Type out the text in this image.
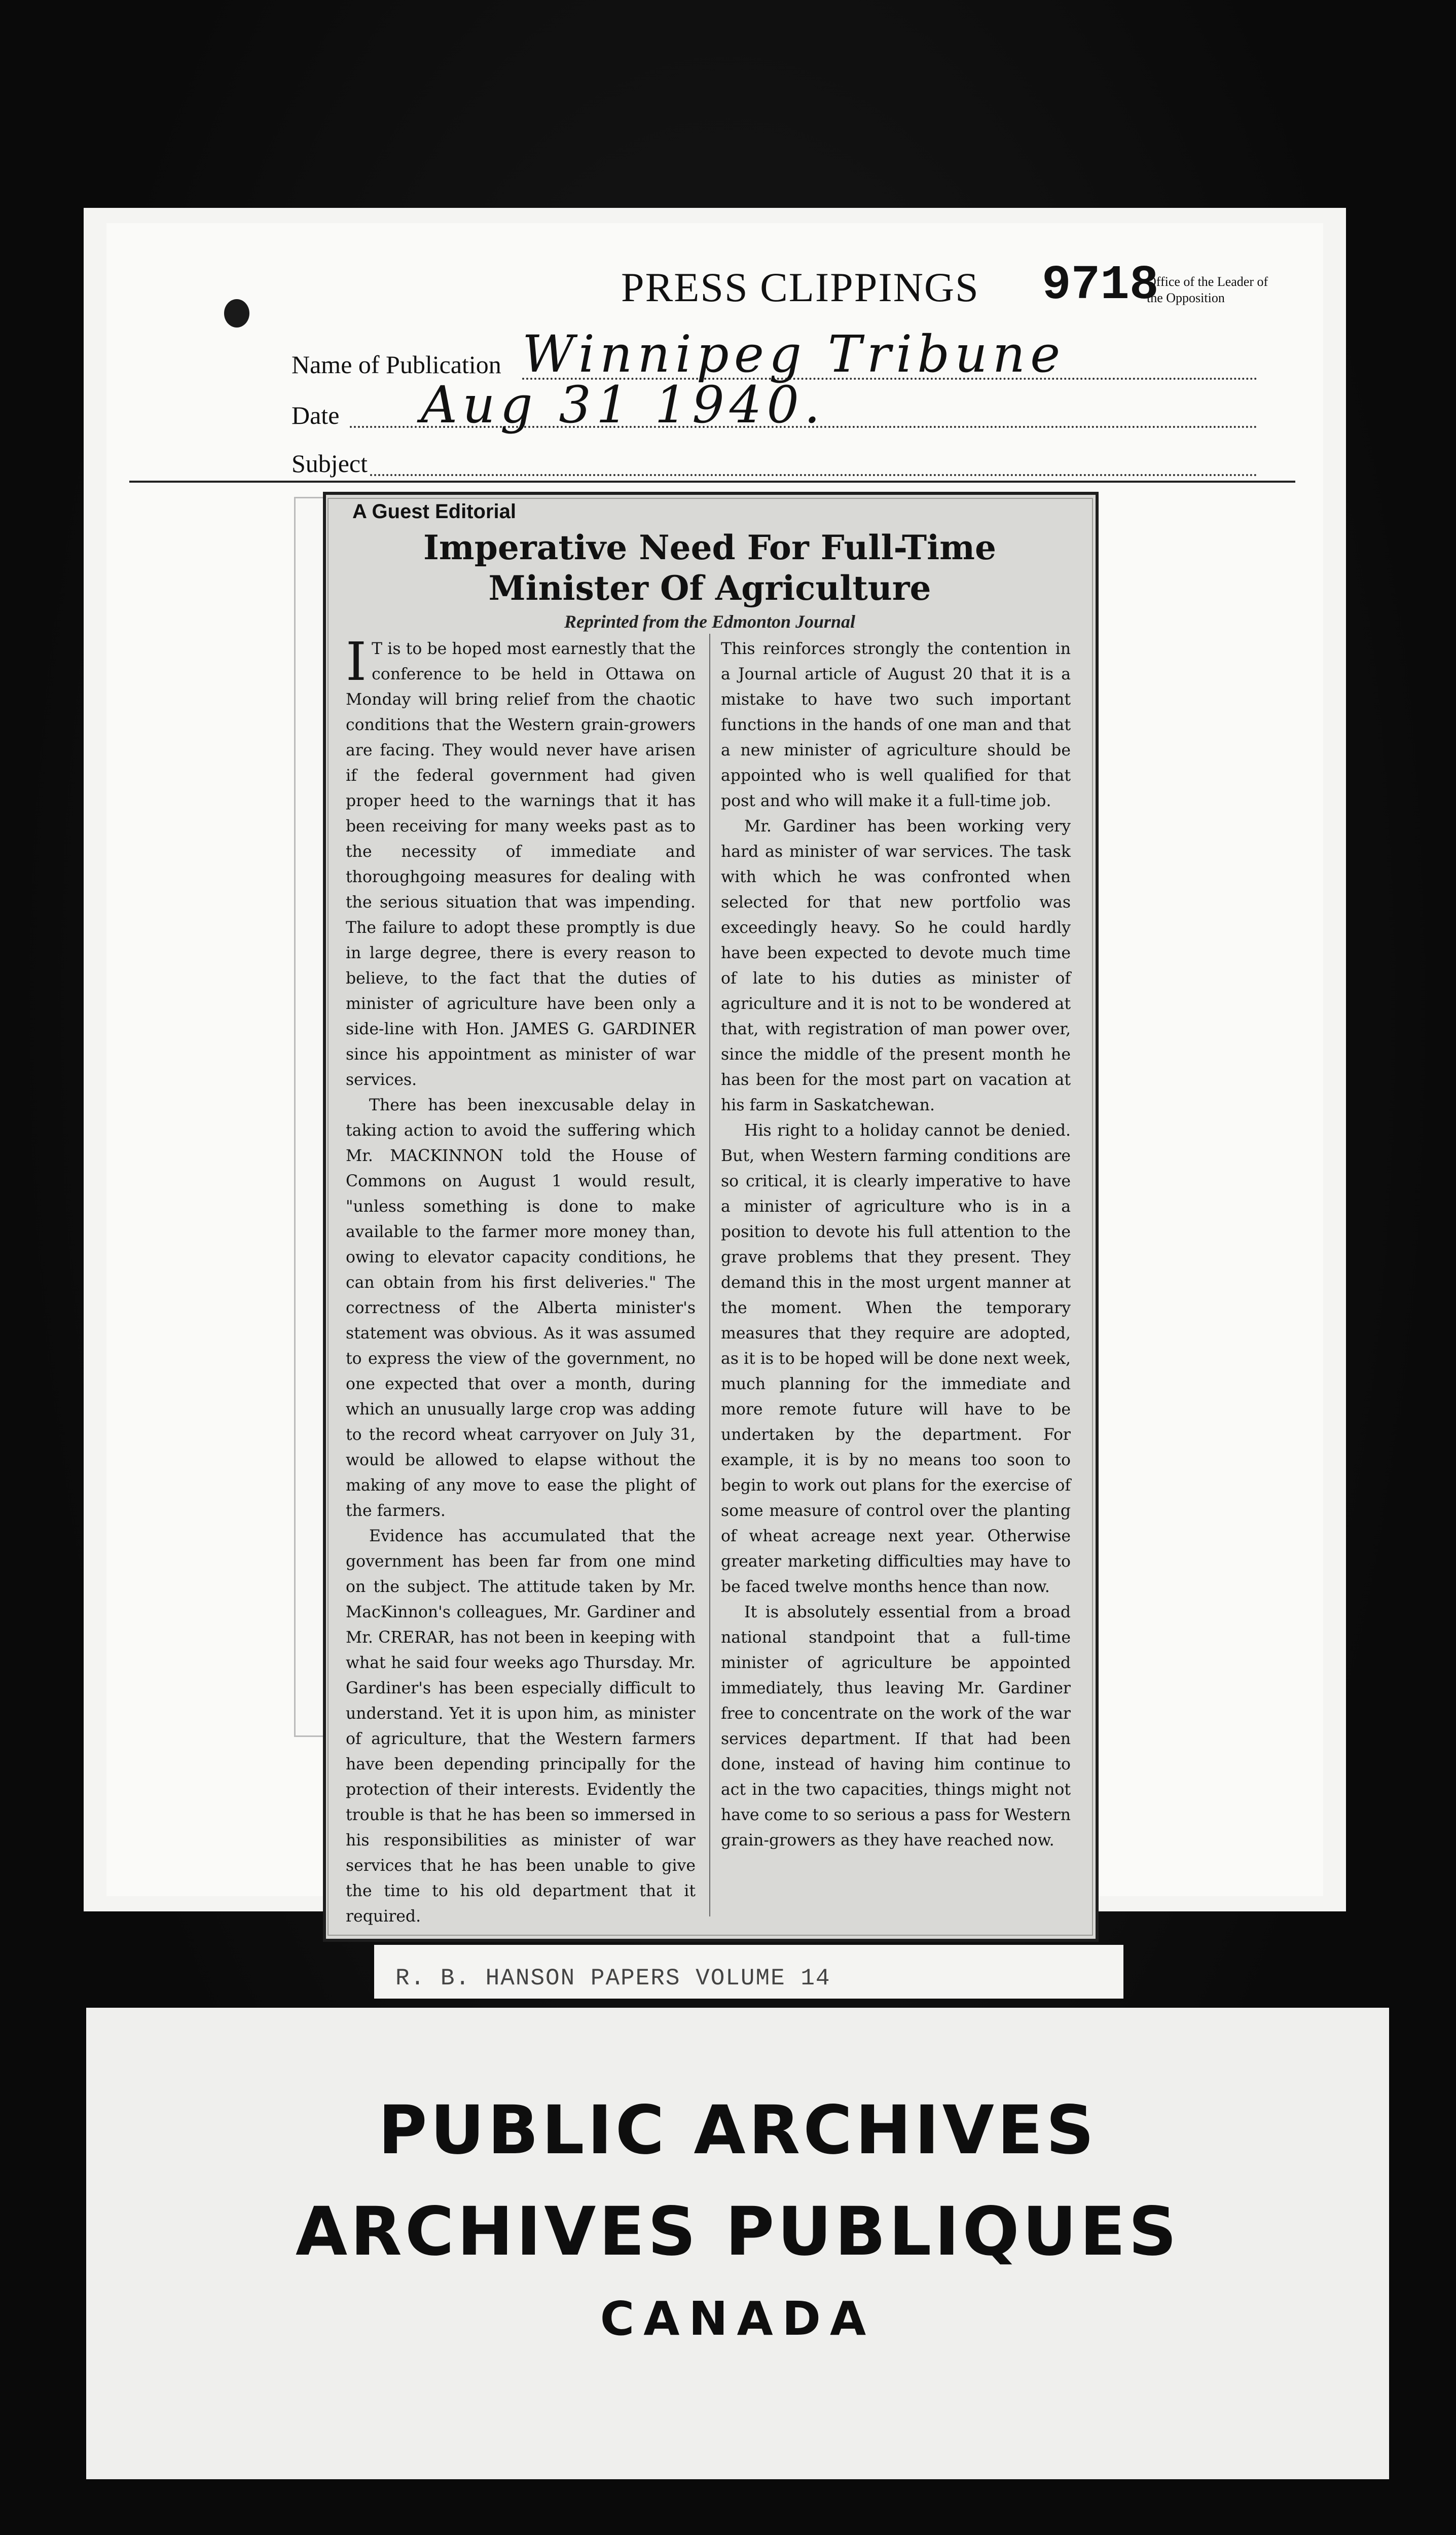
PRESS CLIPPINGS 9718
Office of the Leader of the Opposition
Name of Publication Winnipeg Tribune
Date Aug 31 1940.
Subject
A Guest Editorial
Imperative Need For Full-Time
Minister Of Agriculture
Reprinted from the Edmonton Journal

I T is to be hoped most earnestly that the conference to be held in Ottawa on Monday will bring relief from the chaotic conditions that the Western grain-growers are facing. They would never have arisen if the federal government had given proper heed to the warnings that it has been receiving for many weeks past as to the necessity of immediate and thoroughgoing measures for dealing with the serious situation that was impending. The failure to adopt these promptly is due in large degree, there is every reason to believe, to the fact that the duties of minister of agriculture have been only a side-line with Hon. JAMES G. GARDINER since his appointment as minister of war services.

There has been inexcusable delay in taking action to avoid the suffering which Mr. MACKINNON told the House of Commons on August 1 would result, "unless something is done to make available to the farmer more money than, owing to elevator capacity conditions, he can obtain from his first deliveries." The correctness of the Alberta minister's statement was obvious. As it was assumed to express the view of the government, no one expected that over a month, during which an unusually large crop was adding to the record wheat carryover on July 31, would be allowed to elapse without the making of any move to ease the plight of the farmers.

Evidence has accumulated that the government has been far from one mind on the subject. The attitude taken by Mr. MacKinnon's colleagues, Mr. Gardiner and Mr. CRERAR, has not been in keeping with what he said four weeks ago Thursday. Mr. Gardiner's has been especially difficult to understand. Yet it is upon him, as minister of agriculture, that the Western farmers have been depending principally for the protection of their interests. Evidently the trouble is that he has been so immersed in his responsibilities as minister of war services that he has been unable to give the time to his old department that it required.

This reinforces strongly the contention in a Journal article of August 20 that it is a mistake to have two such important functions in the hands of one man and that a new minister of agriculture should be appointed who is well qualified for that post and who will make it a full-time job.

Mr. Gardiner has been working very hard as minister of war services. The task with which he was confronted when selected for that new portfolio was exceedingly heavy. So he could hardly have been expected to devote much time of late to his duties as minister of agriculture and it is not to be wondered at that, with registration of man power over, since the middle of the present month he has been for the most part on vacation at his farm in Saskatchewan.

His right to a holiday cannot be denied. But, when Western farming conditions are so critical, it is clearly imperative to have a minister of agriculture who is in a position to devote his full attention to the grave problems that they present. They demand this in the most urgent manner at the moment. When the temporary measures that they require are adopted, as it is to be hoped will be done next week, much planning for the immediate and more remote future will have to be undertaken by the department. For example, it is by no means too soon to begin to work out plans for the exercise of some measure of control over the planting of wheat acreage next year. Otherwise greater marketing difficulties may have to be faced twelve months hence than now.

It is absolutely essential from a broad national standpoint that a full-time minister of agriculture be appointed immediately, thus leaving Mr. Gardiner free to concentrate on the work of the war services department. If that had been done, instead of having him continue to act in the two capacities, things might not have come to so serious a pass for Western grain-growers as they have reached now.

R. B. HANSON PAPERS VOLUME 14
PUBLIC ARCHIVES
ARCHIVES PUBLIQUES
CANADA
